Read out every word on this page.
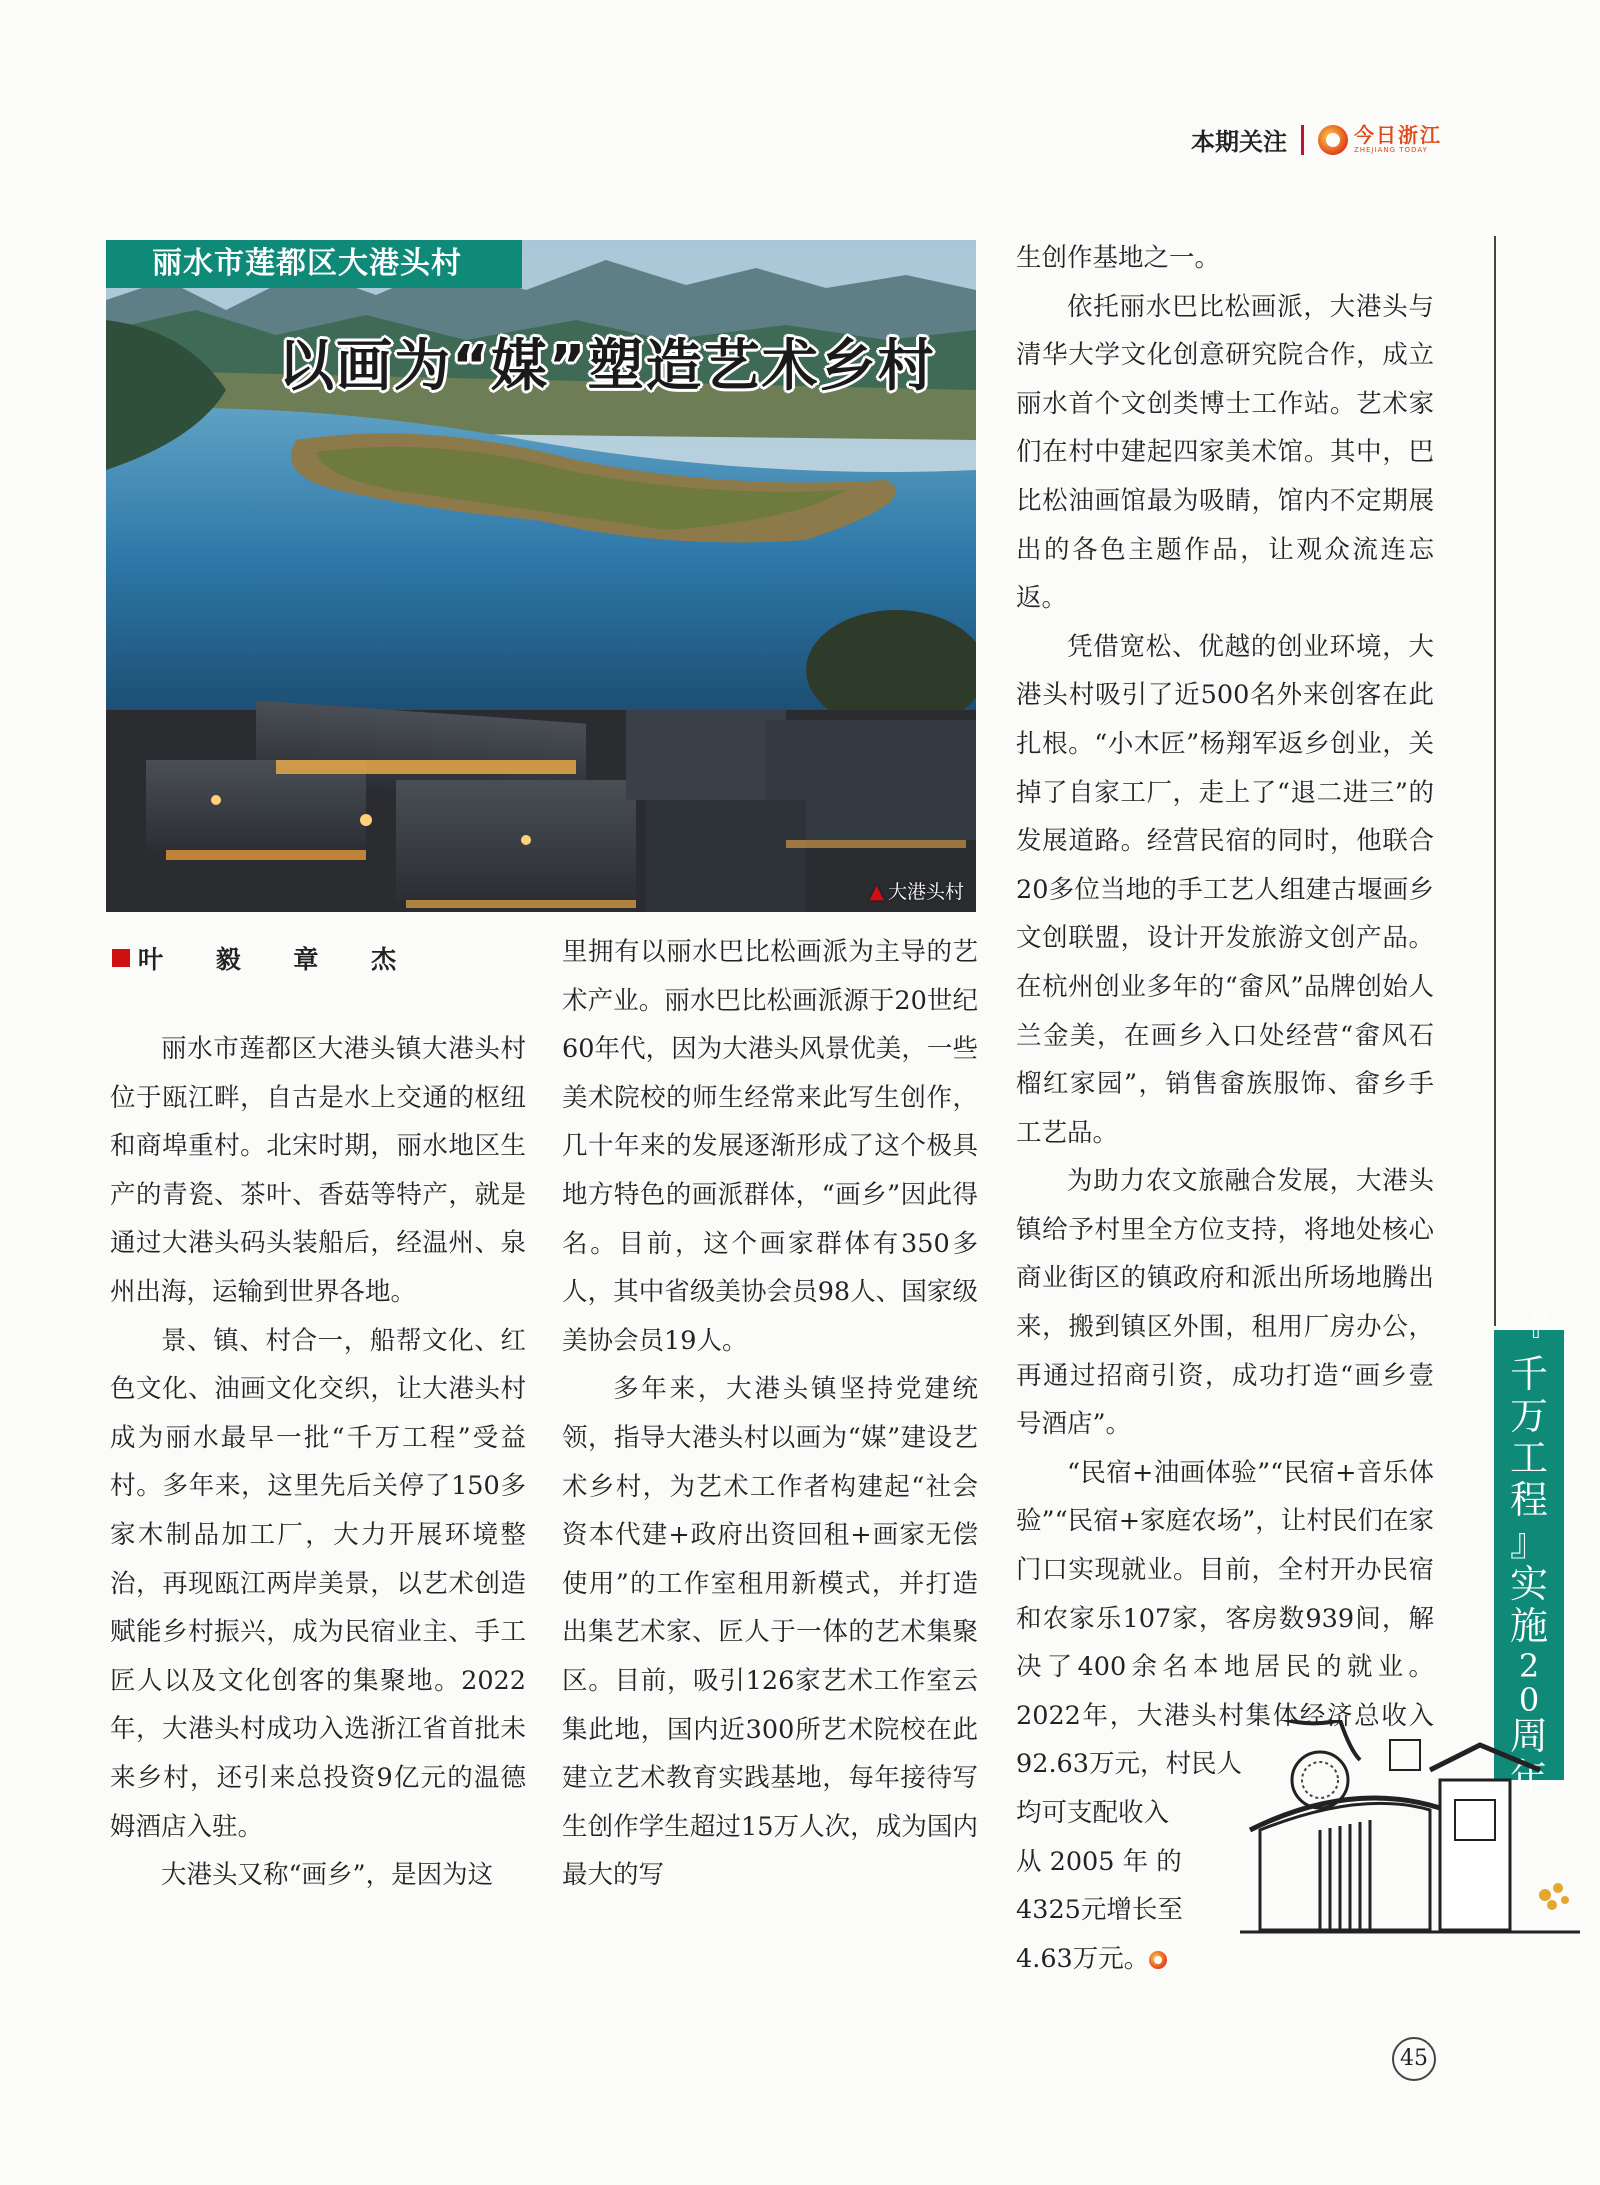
本期关注	今日浙江
ZHEJIANG TODAY
丽水市莲都区大港头村
以画为“媒”塑造艺术乡村
▲ 大港头村
叶 毅 章 杰

丽水市莲都区大港头镇大港头村位于瓯江畔，自古是水上交通的枢纽和商埠重村。北宋时期，丽水地区生产的青瓷、茶叶、香菇等特产，就是通过大港头码头装船后，经温州、泉州出海，运输到世界各地。

景、镇、村合一，船帮文化、红色文化、油画文化交织，让大港头村成为丽水最早一批“千万工程”受益村。多年来，这里先后关停了150多家木制品加工厂，大力开展环境整治，再现瓯江两岸美景，以艺术创造赋能乡村振兴，成为民宿业主、手工匠人以及文化创客的集聚地。2022年，大港头村成功入选浙江省首批未来乡村，还引来总投资9亿元的温德姆酒店入驻。

大港头又称“画乡”，是因为这

里拥有以丽水巴比松画派为主导的艺术产业。丽水巴比松画派源于20世纪60年代，因为大港头风景优美，一些美术院校的师生经常来此写生创作，几十年来的发展逐渐形成了这个极具地方特色的画派群体，“画乡”因此得名。目前，这个画家群体有350多人，其中省级美协会员98人、国家级美协会员19人。

多年来，大港头镇坚持党建统领，指导大港头村以画为“媒”建设艺术乡村，为艺术工作者构建起“社会资本代建+政府出资回租+画家无偿使用”的工作室租用新模式，并打造出集艺术家、匠人于一体的艺术集聚区。目前，吸引126家艺术工作室云集此地，国内近300所艺术院校在此建立艺术教育实践基地，每年接待写生创作学生超过15万人次，成为国内最大的写

生创作基地之一。

依托丽水巴比松画派，大港头与清华大学文化创意研究院合作，成立丽水首个文创类博士工作站。艺术家们在村中建起四家美术馆。其中，巴比松油画馆最为吸睛，馆内不定期展出的各色主题作品，让观众流连忘返。

凭借宽松、优越的创业环境，大港头村吸引了近500名外来创客在此扎根。“小木匠”杨翔军返乡创业，关掉了自家工厂，走上了“退二进三”的发展道路。经营民宿的同时，他联合20多位当地的手工艺人组建古堰画乡文创联盟，设计开发旅游文创产品。在杭州创业多年的“畲风”品牌创始人兰金美，在画乡入口处经营“畲风石榴红家园”，销售畲族服饰、畲乡手工艺品。

为助力农文旅融合发展，大港头镇给予村里全方位支持，将地处核心商业街区的镇政府和派出所场地腾出来，搬到镇区外围，租用厂房办公，再通过招商引资，成功打造“画乡壹号酒店”。

“民宿+油画体验”“民宿+音乐体验”“民宿+家庭农场”，让村民们在家门口实现就业。目前，全村开办民宿和农家乐107家，客房数939间，解决了400余名本地居民的就业。2022年，大港头村集体经济总收入92.63万元，村民人

均可支配收入

从 2005 年 的

4325元增长至

4.63万元。

『
千
万
工
程
』
实
施
20
周
年
45
